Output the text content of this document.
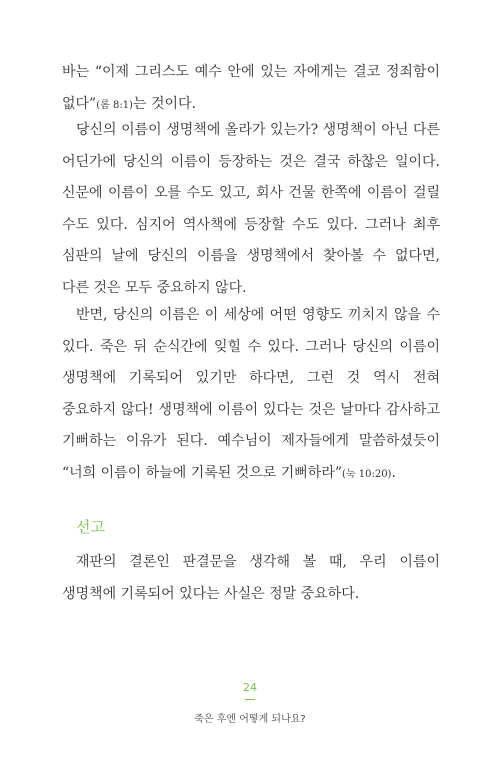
바는 “이제 그리스도 예수 안에 있는 자에게는 결코 정죄함이 없다”(롬 8:1)는 것이다.

당신의 이름이 생명책에 올라가 있는가? 생명책이 아닌 다른 어딘가에 당신의 이름이 등장하는 것은 결국 하찮은 일이다. 신문에 이름이 오를 수도 있고, 회사 건물 한쪽에 이름이 걸릴 수도 있다. 심지어 역사책에 등장할 수도 있다. 그러나 최후 심판의 날에 당신의 이름을 생명책에서 찾아볼 수 없다면, 다른 것은 모두 중요하지 않다.

반면, 당신의 이름은 이 세상에 어떤 영향도 끼치지 않을 수 있다. 죽은 뒤 순식간에 잊힐 수 있다. 그러나 당신의 이름이 생명책에 기록되어 있기만 하다면, 그런 것 역시 전혀 중요하지 않다! 생명책에 이름이 있다는 것은 날마다 감사하고 기뻐하는 이유가 된다. 예수님이 제자들에게 말씀하셨듯이 “너희 이름이 하늘에 기록된 것으로 기뻐하라”(눅 10:20).

선고

재판의 결론인 판결문을 생각해 볼 때, 우리 이름이 생명책에 기록되어 있다는 사실은 정말 중요하다.

24
죽은 후엔 어떻게 되나요?
